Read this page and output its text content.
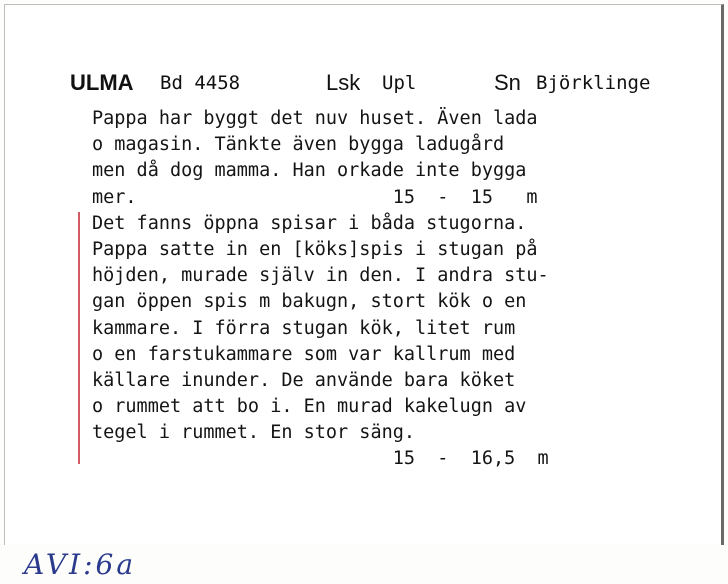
ULMA Bd 4458	Lsk Upl	Sn Björklinge
Pappa har byggt det nuv huset. Även lada
o magasin. Tänkte även bygga ladugård
men då dog mamma. Han orkade inte bygga
mer.                       15  -  15   m
Det fanns öppna spisar i båda stugorna.
Pappa satte in en [köks]spis i stugan på
höjden, murade själv in den. I andra stu-
gan öppen spis m bakugn, stort kök o en
kammare. I förra stugan kök, litet rum
o en farstukammare som var kallrum med
källare inunder. De använde bara köket
o rummet att bo i. En murad kakelugn av
tegel i rummet. En stor säng.
15  -  16,5  m
AVI:6a
